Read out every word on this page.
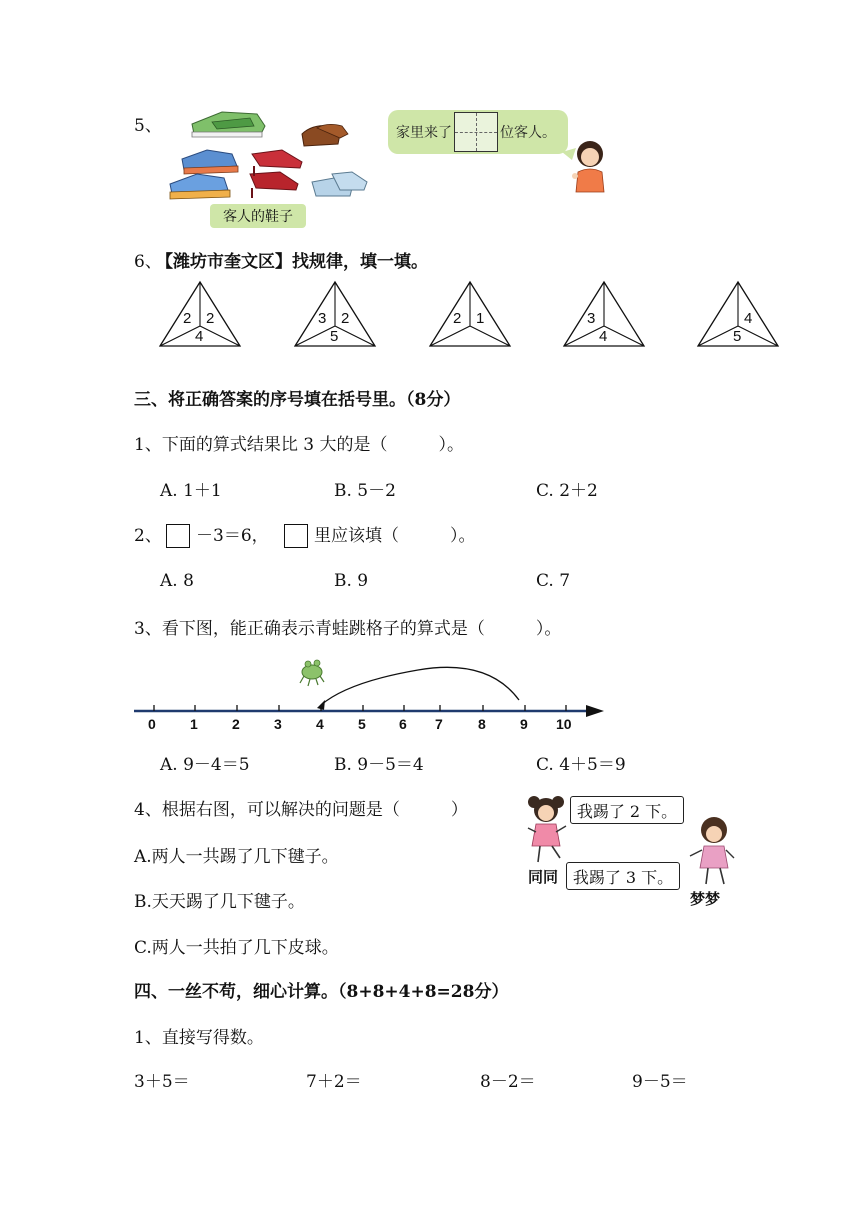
5、
客人的鞋子
家里来了	位客人。
6、
【潍坊市奎文区】找规律，填一填。
2 2
4
3 2
5
2 1	3
4
4
5
三、将正确答案的序号填在括号里。（8分）
1、下面的算式结果比 3 大的是（　　　）。
A. 1＋1	B. 5－2	C. 2＋2
2、 －3＝6，	里应该填（　　　）。
A. 8	B. 9	C. 7
3、看下图，能正确表示青蛙跳格子的算式是（　　　）。
0 1 2 3 4 5 6 7	8 9 10
A. 9－4＝5	B. 9－5＝4	C. 4＋5＝9
4、根据右图，可以解决的问题是（　　　）
A.两人一共踢了几下毽子。
B.天天踢了几下毽子。
C.两人一共拍了几下皮球。
我踢了 2 下。
我踢了 3 下。
同同
梦梦
四、一丝不苟，细心计算。（8+8+4+8=28分）
1、直接写得数。
3＋5＝	7＋2＝	8－2＝	9－5＝
